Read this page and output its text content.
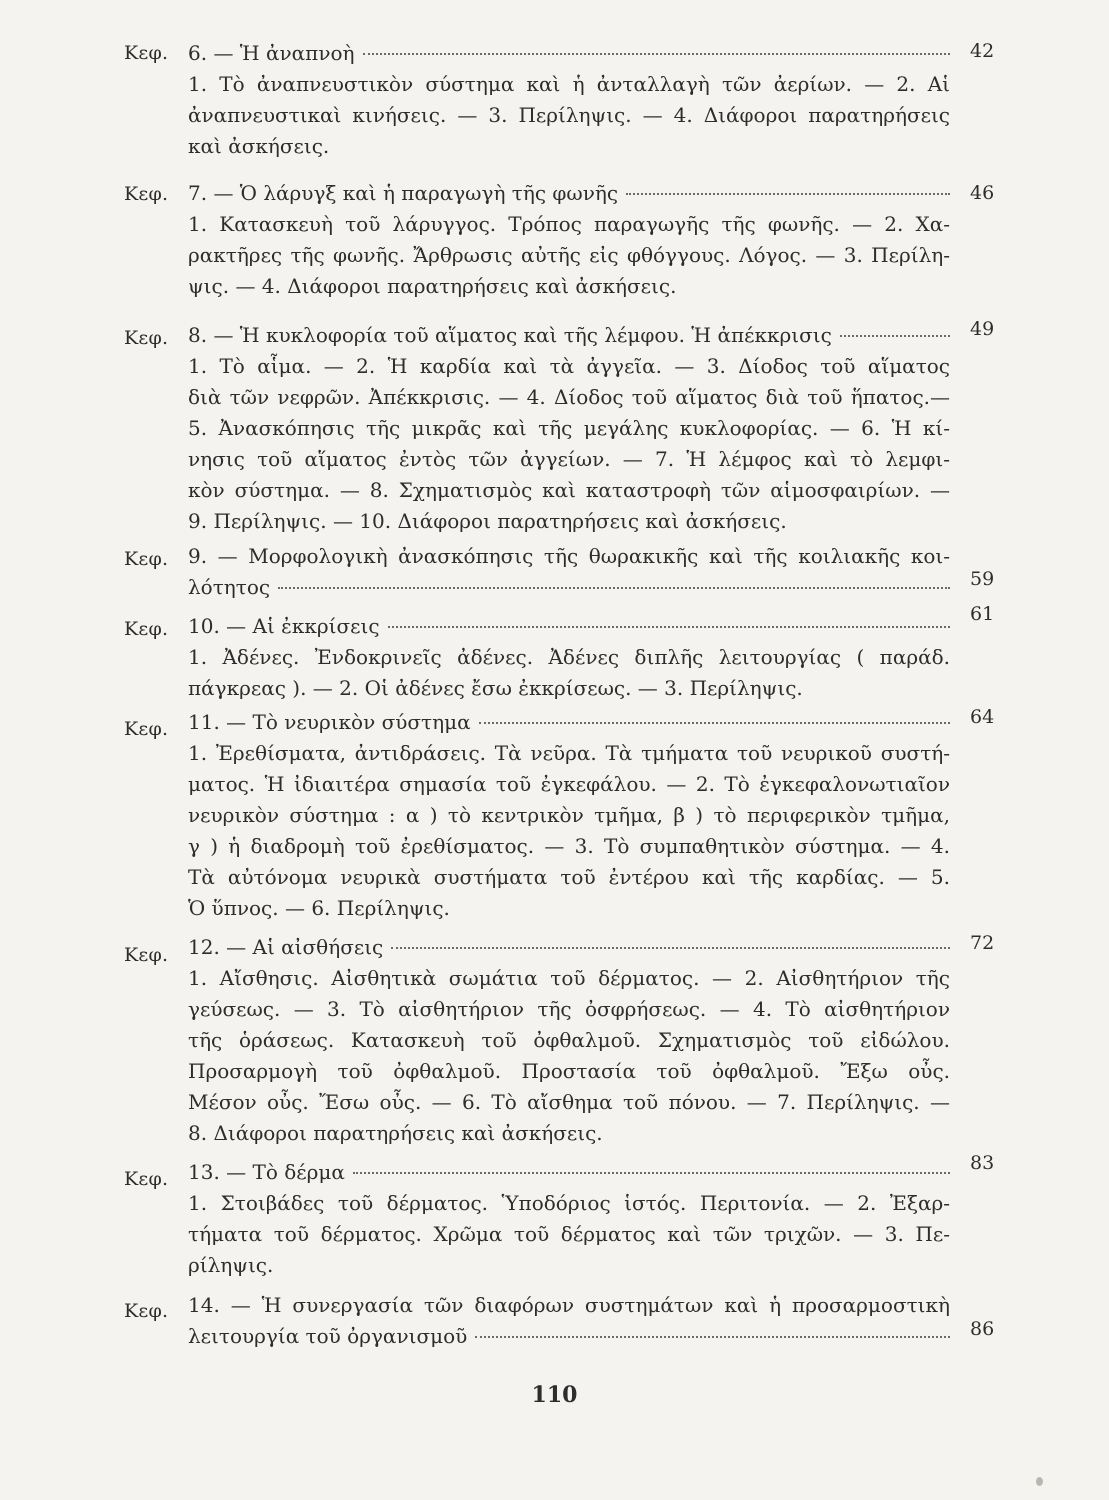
Κεφ. 6. — Ἡ ἀναπνοὴ
1. Τὸ ἀναπνευστικὸν σύστημα καὶ ἡ ἀνταλλαγὴ τῶν ἀερίων. — 2. Αἱ
ἀναπνευστικαὶ κινήσεις. — 3. Περίληψις. — 4. Διάφοροι παρατηρήσεις
καὶ ἀσκήσεις.
42
Κεφ. 7. — Ὁ λάρυγξ καὶ ἡ παραγωγὴ τῆς φωνῆς
1. Κατασκευὴ τοῦ λάρυγγος. Τρόπος παραγωγῆς τῆς φωνῆς. — 2. Χα-
ρακτῆρες τῆς φωνῆς. Ἄρθρωσις αὐτῆς εἰς φθόγγους. Λόγος. — 3. Περίλη-
ψις. — 4. Διάφοροι παρατηρήσεις καὶ ἀσκήσεις.
46
Κεφ. 8. — Ἡ κυκλοφορία τοῦ αἵματος καὶ τῆς λέμφου. Ἡ ἀπέκκρισις
1. Τὸ αἷμα. — 2. Ἡ καρδία καὶ τὰ ἀγγεῖα. — 3. Δίοδος τοῦ αἵματος
διὰ τῶν νεφρῶν. Ἀπέκκρισις. — 4. Δίοδος τοῦ αἵματος διὰ τοῦ ἥπατος.—
5. Ἀνασκόπησις τῆς μικρᾶς καὶ τῆς μεγάλης κυκλοφορίας. — 6. Ἡ κί-
νησις τοῦ αἵματος ἐντὸς τῶν ἀγγείων. — 7. Ἡ λέμφος καὶ τὸ λεμφι-
κὸν σύστημα. — 8. Σχηματισμὸς καὶ καταστροφὴ τῶν αἱμοσφαιρίων. —
9. Περίληψις. — 10. Διάφοροι παρατηρήσεις καὶ ἀσκήσεις.
49
Κεφ. 9. — Μορφολογικὴ ἀνασκόπησις τῆς θωρακικῆς καὶ τῆς κοιλιακῆς κοι-
λότητος	59
Κεφ. 10. — Αἱ ἐκκρίσεις
1. Ἀδένες. Ἐνδοκρινεῖς ἀδένες. Ἀδένες διπλῆς λειτουργίας ( παράδ.
πάγκρεας ). — 2. Οἱ ἀδένες ἔσω ἐκκρίσεως. — 3. Περίληψις.
61
Κεφ. 11. — Τὸ νευρικὸν σύστημα
1. Ἐρεθίσματα, ἀντιδράσεις. Τὰ νεῦρα. Τὰ τμήματα τοῦ νευρικοῦ συστή-
ματος. Ἡ ἰδιαιτέρα σημασία τοῦ ἐγκεφάλου. — 2. Τὸ ἐγκεφαλονωτιαῖον
νευρικὸν σύστημα : α ) τὸ κεντρικὸν τμῆμα, β ) τὸ περιφερικὸν τμῆμα,
γ ) ἡ διαδρομὴ τοῦ ἐρεθίσματος. — 3. Τὸ συμπαθητικὸν σύστημα. — 4.
Τὰ αὐτόνομα νευρικὰ συστήματα τοῦ ἐντέρου καὶ τῆς καρδίας. — 5.
Ὁ ὕπνος. — 6. Περίληψις.
64
Κεφ. 12. — Αἱ αἰσθήσεις
1. Αἴσθησις. Αἰσθητικὰ σωμάτια τοῦ δέρματος. — 2. Αἰσθητήριον τῆς
γεύσεως. — 3. Τὸ αἰσθητήριον τῆς ὀσφρήσεως. — 4. Τὸ αἰσθητήριον
τῆς ὁράσεως. Κατασκευὴ τοῦ ὀφθαλμοῦ. Σχηματισμὸς τοῦ εἰδώλου.
Προσαρμογὴ τοῦ ὀφθαλμοῦ. Προστασία τοῦ ὀφθαλμοῦ. Ἔξω οὖς.
Μέσον οὖς. Ἔσω οὖς. — 6. Τὸ αἴσθημα τοῦ πόνου. — 7. Περίληψις. —
8. Διάφοροι παρατηρήσεις καὶ ἀσκήσεις.
72
Κεφ. 13. — Τὸ δέρμα
1. Στοιβάδες τοῦ δέρματος. Ὑποδόριος ἱστός. Περιτονία. — 2. Ἐξαρ-
τήματα τοῦ δέρματος. Χρῶμα τοῦ δέρματος καὶ τῶν τριχῶν. — 3. Πε-
ρίληψις.
83
Κεφ. 14. — Ἡ συνεργασία τῶν διαφόρων συστημάτων καὶ ἡ προσαρμοστικὴ
λειτουργία τοῦ ὀργανισμοῦ	86
110
